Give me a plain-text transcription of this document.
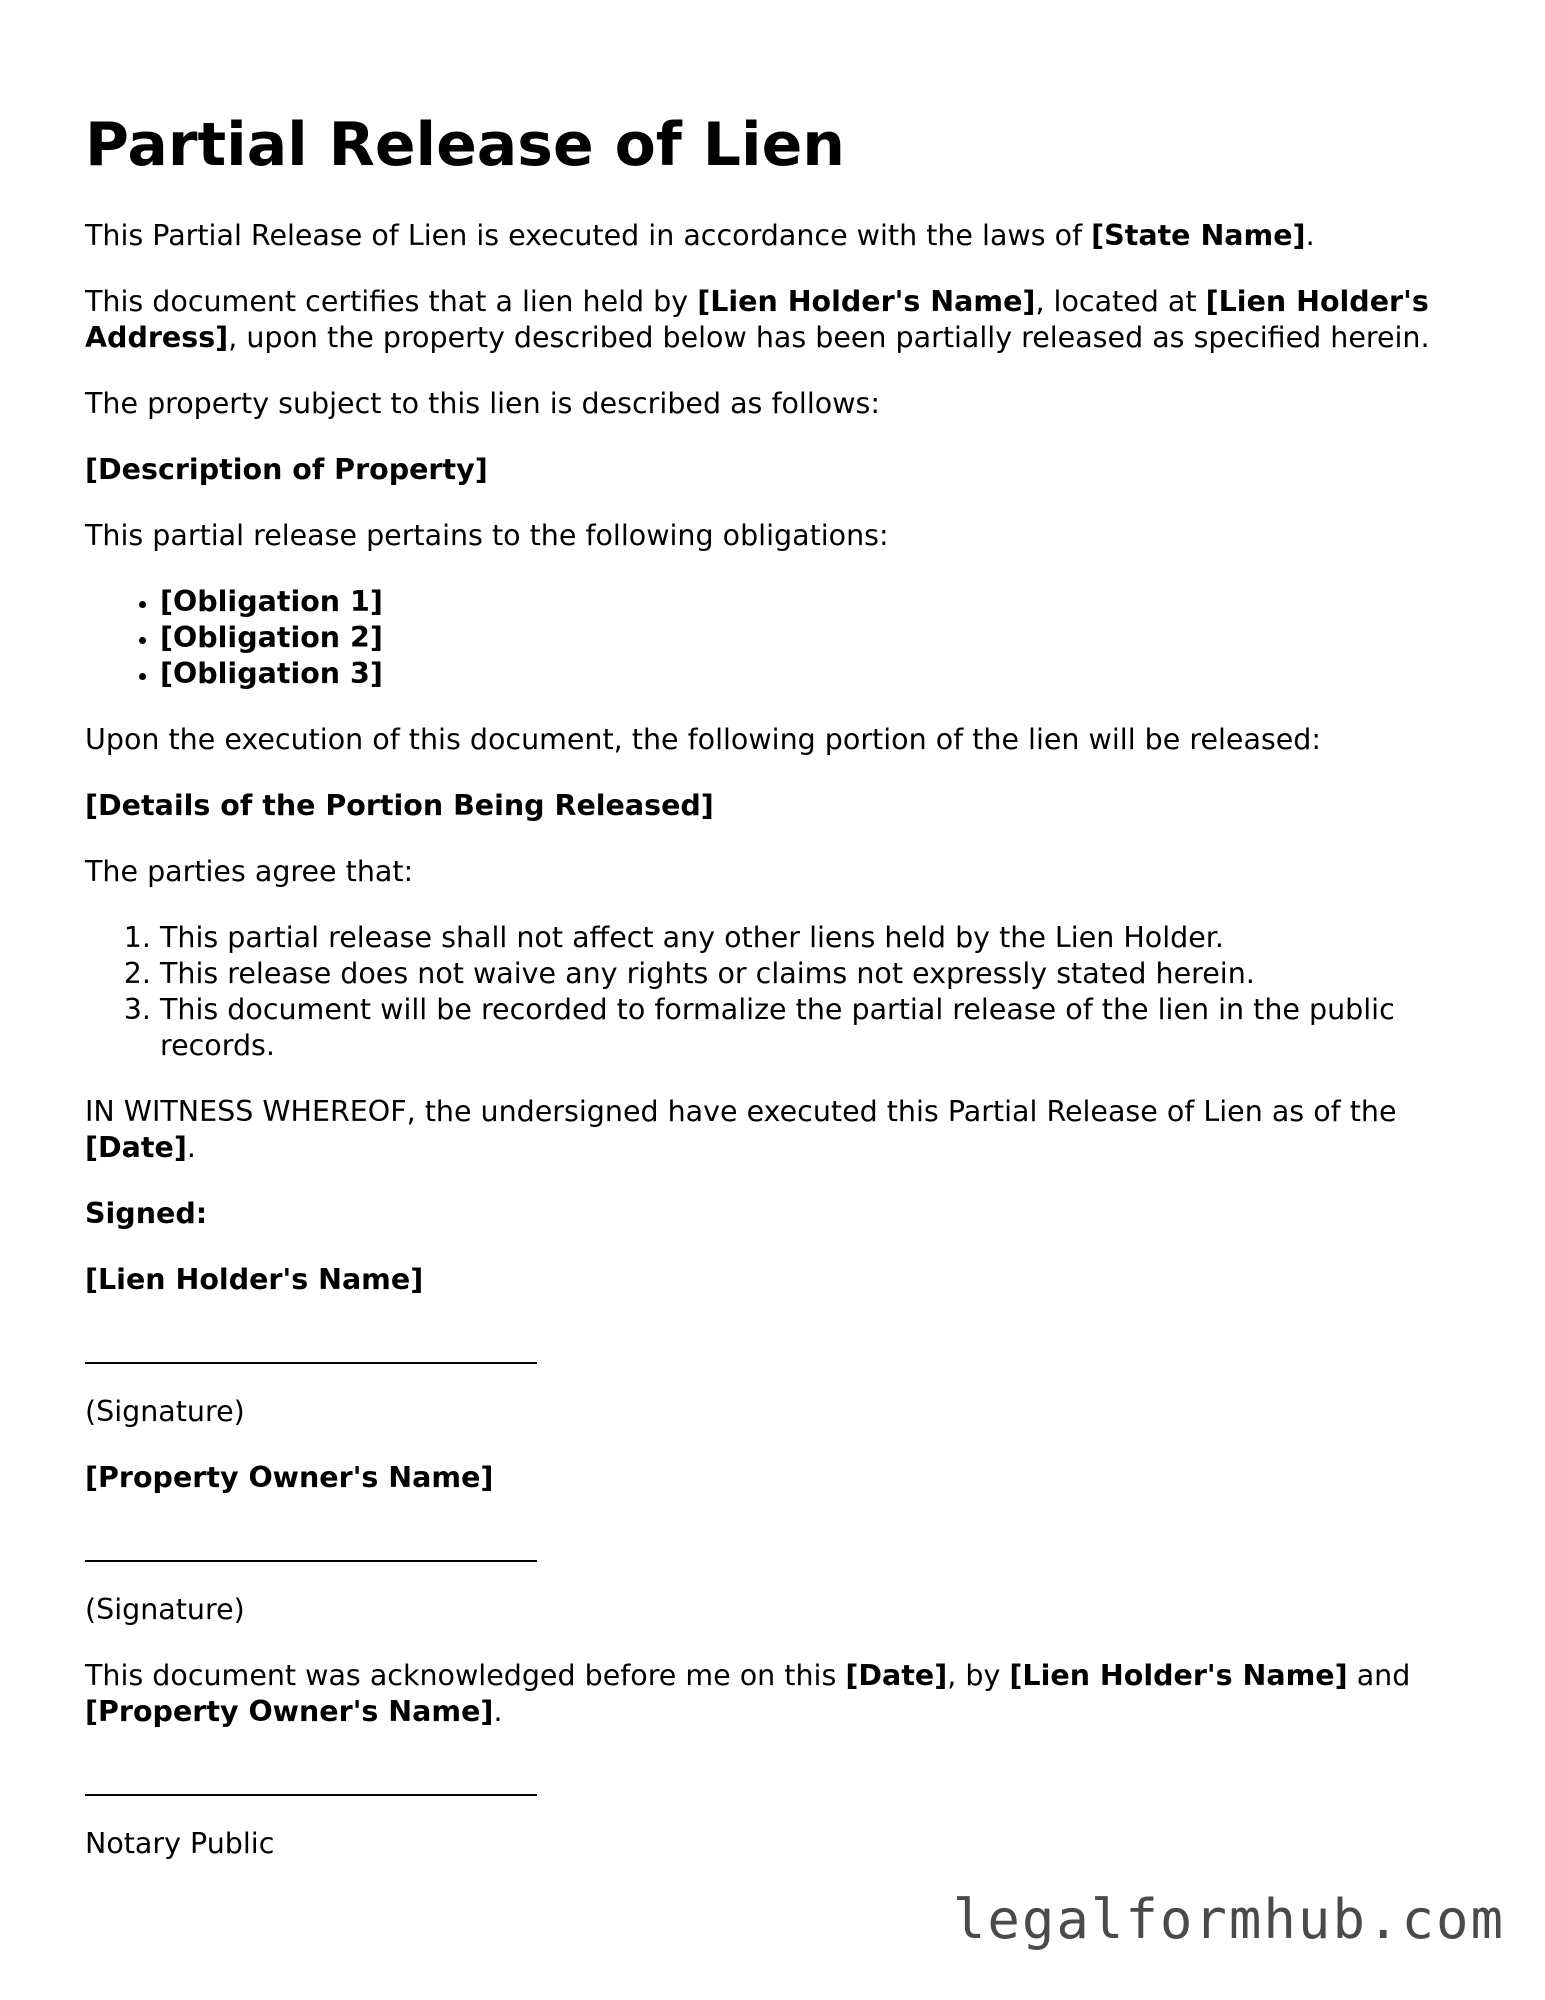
Partial Release of Lien

This Partial Release of Lien is executed in accordance with the laws of [State Name].

This document certifies that a lien held by [Lien Holder's Name], located at [Lien Holder's Address], upon the property described below has been partially released as specified herein.

The property subject to this lien is described as follows:

[Description of Property]

This partial release pertains to the following obligations:

• [Obligation 1]
• [Obligation 2]
• [Obligation 3]

Upon the execution of this document, the following portion of the lien will be released:

[Details of the Portion Being Released]

The parties agree that:

1. This partial release shall not affect any other liens held by the Lien Holder.
2. This release does not waive any rights or claims not expressly stated herein.
3. This document will be recorded to formalize the partial release of the lien in the public records.

IN WITNESS WHEREOF, the undersigned have executed this Partial Release of Lien as of the [Date].

Signed:

[Lien Holder's Name]

(Signature)

[Property Owner's Name]

(Signature)

This document was acknowledged before me on this [Date], by [Lien Holder's Name] and [Property Owner's Name].

Notary Public

legalformhub.com
